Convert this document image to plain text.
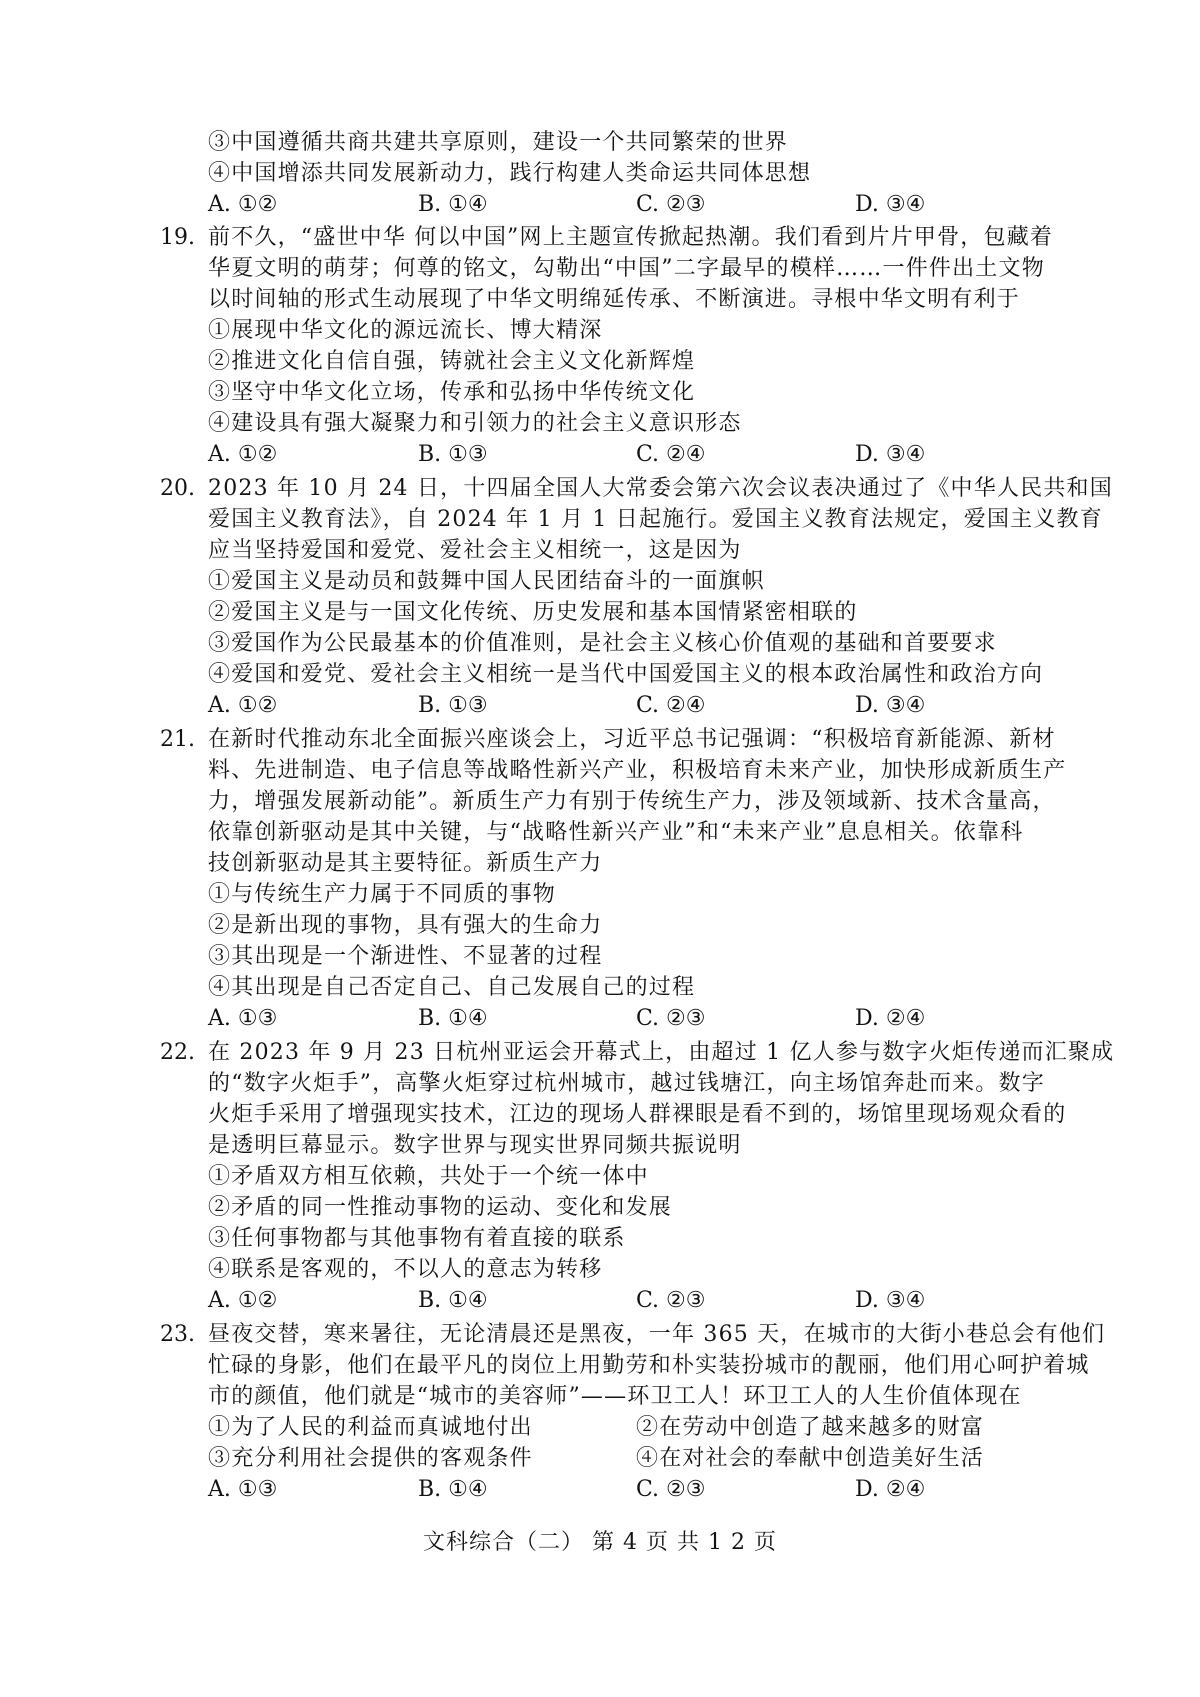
③中国遵循共商共建共享原则，建设一个共同繁荣的世界
④中国增添共同发展新动力，践行构建人类命运共同体思想
A. ①②	B. ①④	C. ②③	D. ③④
19. 前不久，“盛世中华 何以中国”网上主题宣传掀起热潮。我们看到片片甲骨，包藏着
华夏文明的萌芽；何尊的铭文，勾勒出“中国”二字最早的模样……一件件出土文物
以时间轴的形式生动展现了中华文明绵延传承、不断演进。寻根中华文明有利于
①展现中华文化的源远流长、博大精深
②推进文化自信自强，铸就社会主义文化新辉煌
③坚守中华文化立场，传承和弘扬中华传统文化
④建设具有强大凝聚力和引领力的社会主义意识形态
A. ①②	B. ①③	C. ②④	D. ③④
20. 2023 年 10 月 24 日，十四届全国人大常委会第六次会议表决通过了《中华人民共和国
爱国主义教育法》，自 2024 年 1 月 1 日起施行。爱国主义教育法规定，爱国主义教育
应当坚持爱国和爱党、爱社会主义相统一，这是因为
①爱国主义是动员和鼓舞中国人民团结奋斗的一面旗帜
②爱国主义是与一国文化传统、历史发展和基本国情紧密相联的
③爱国作为公民最基本的价值准则，是社会主义核心价值观的基础和首要要求
④爱国和爱党、爱社会主义相统一是当代中国爱国主义的根本政治属性和政治方向
A. ①②	B. ①③	C. ②④	D. ③④
21. 在新时代推动东北全面振兴座谈会上，习近平总书记强调：“积极培育新能源、新材
料、先进制造、电子信息等战略性新兴产业，积极培育未来产业，加快形成新质生产
力，增强发展新动能”。新质生产力有别于传统生产力，涉及领域新、技术含量高，
依靠创新驱动是其中关键，与“战略性新兴产业”和“未来产业”息息相关。依靠科
技创新驱动是其主要特征。新质生产力
①与传统生产力属于不同质的事物
②是新出现的事物，具有强大的生命力
③其出现是一个渐进性、不显著的过程
④其出现是自己否定自己、自己发展自己的过程
A. ①③	B. ①④	C. ②③	D. ②④
22. 在 2023 年 9 月 23 日杭州亚运会开幕式上，由超过 1 亿人参与数字火炬传递而汇聚成
的“数字火炬手”，高擎火炬穿过杭州城市，越过钱塘江，向主场馆奔赴而来。数字
火炬手采用了增强现实技术，江边的现场人群裸眼是看不到的，场馆里现场观众看的
是透明巨幕显示。数字世界与现实世界同频共振说明
①矛盾双方相互依赖，共处于一个统一体中
②矛盾的同一性推动事物的运动、变化和发展
③任何事物都与其他事物有着直接的联系
④联系是客观的，不以人的意志为转移
A. ①②	B. ①④	C. ②③	D. ③④
23. 昼夜交替，寒来暑往，无论清晨还是黑夜，一年 365 天，在城市的大街小巷总会有他们
忙碌的身影，他们在最平凡的岗位上用勤劳和朴实装扮城市的靓丽，他们用心呵护着城
市的颜值，他们就是“城市的美容师”——环卫工人！环卫工人的人生价值体现在
①为了人民的利益而真诚地付出	②在劳动中创造了越来越多的财富
③充分利用社会提供的客观条件	④在对社会的奉献中创造美好生活
A. ①③	B. ①④	C. ②③	D. ②④
文科综合（二） 第 4 页 共 1 2 页
